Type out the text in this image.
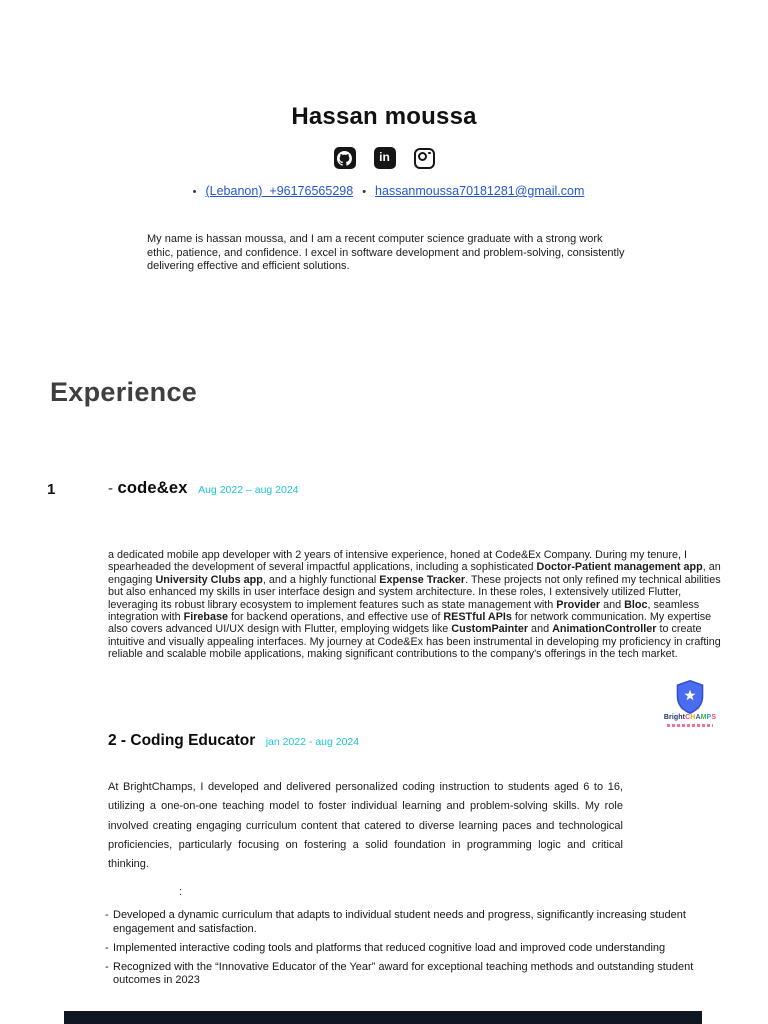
Hassan moussa
in
• (Lebanon)  +96176565298 • hassanmoussa70181281@gmail.com
My name is hassan moussa, and I am a recent computer science graduate with a strong work ethic, patience, and confidence. I excel in software development and problem-solving, consistently delivering effective and efficient solutions.
Experience
1	- code&ex Aug 2022 – aug 2024
a dedicated mobile app developer with 2 years of intensive experience, honed at Code&Ex Company. During my tenure, I spearheaded the development of several impactful applications, including a sophisticated Doctor-Patient management app, an engaging University Clubs app, and a highly functional Expense Tracker. These projects not only refined my technical abilities but also enhanced my skills in user interface design and system architecture. In these roles, I extensively utilized Flutter, leveraging its robust library ecosystem to implement features such as state management with Provider and Bloc, seamless integration with Firebase for backend operations, and effective use of RESTful APIs for network communication. My expertise also covers advanced UI/UX design with Flutter, employing widgets like CustomPainter and AnimationController to create intuitive and visually appealing interfaces. My journey at Code&Ex has been instrumental in developing my proficiency in crafting reliable and scalable mobile applications, making significant contributions to the company's offerings in the tech market.
BrightCHAMPS
2 - Coding Educator jan 2022 - aug 2024
At BrightChamps, I developed and delivered personalized coding instruction to students aged 6 to 16, utilizing a one-on-one teaching model to foster individual learning and problem-solving skills. My role involved creating engaging curriculum content that catered to diverse learning paces and technological proficiencies, particularly focusing on fostering a solid foundation in programming logic and critical thinking.
:
- Developed a dynamic curriculum that adapts to individual student needs and progress, significantly increasing student engagement and satisfaction.
- Implemented interactive coding tools and platforms that reduced cognitive load and improved code understanding
- Recognized with the “Innovative Educator of the Year” award for exceptional teaching methods and outstanding student outcomes in 2023
